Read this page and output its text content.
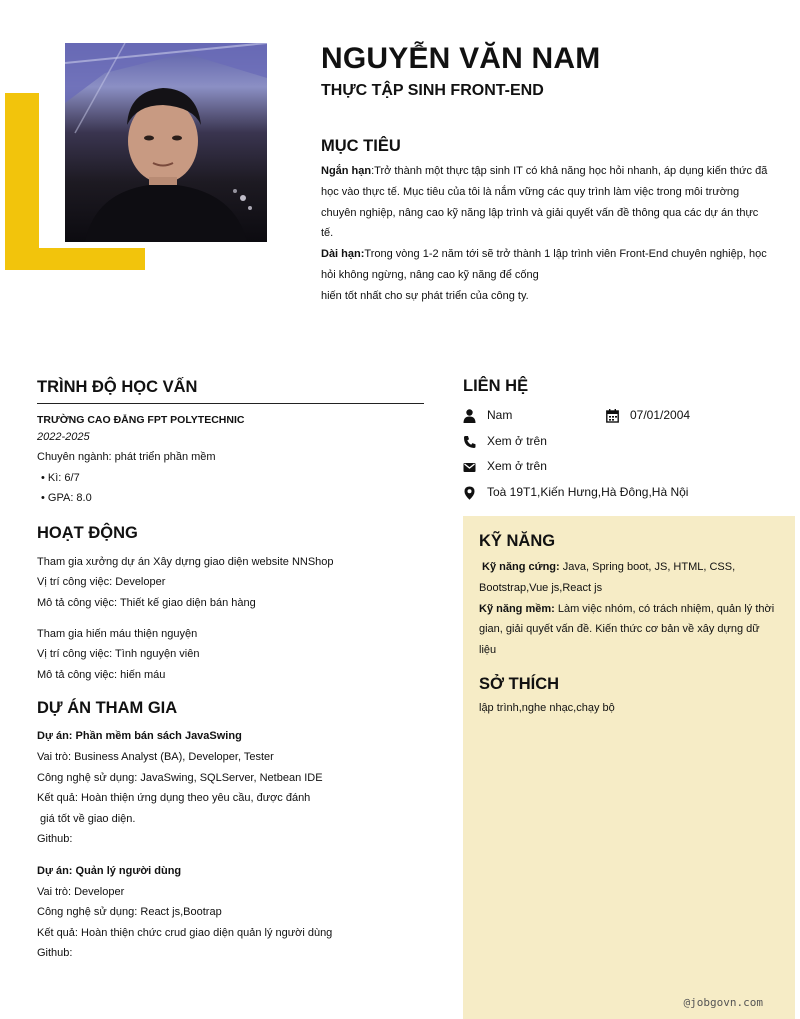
NGUYỄN VĂN NAM
THỰC TẬP SINH FRONT-END
MỤC TIÊU
Ngắn hạn:Trở thành một thực tập sinh IT có khả năng học hỏi nhanh, áp dụng kiến thức đã học vào thực tế. Mục tiêu của tôi là nắm vững các quy trình làm việc trong môi trường chuyên nghiệp, nâng cao kỹ năng lập trình và giải quyết vấn đề thông qua các dự án thực tế.
Dài hạn:Trong vòng 1-2 năm tới sẽ trở thành 1 lập trình viên Front-End chuyên nghiệp, học hỏi không ngừng, nâng cao kỹ năng để cống
hiến tốt nhất cho sự phát triển của công ty.
TRÌNH ĐỘ HỌC VẤN
TRƯỜNG CAO ĐẲNG FPT POLYTECHNIC
2022-2025
Chuyên ngành: phát triển phần mềm
• Kì: 6/7
• GPA: 8.0
HOẠT ĐỘNG
Tham gia xưởng dự án Xây dựng giao diện website NNShop
Vị trí công việc: Developer
Mô tả công việc: Thiết kế giao diện bán hàng
Tham gia hiến máu thiện nguyện
Vị trí công việc: Tình nguyện viên
Mô tả công việc: hiến máu
DỰ ÁN THAM GIA
Dự án: Phần mềm bán sách JavaSwing
Vai trò: Business Analyst (BA), Developer, Tester
Công nghệ sử dụng: JavaSwing, SQLServer, Netbean IDE
Kết quả: Hoàn thiện ứng dụng theo yêu cầu, được đánh
giá tốt về giao diện.
Github:
Dự án: Quản lý người dùng
Vai trò: Developer
Công nghệ sử dụng: React js,Bootrap
Kết quả: Hoàn thiện chức crud giao diện quản lý người dùng
Github:
LIÊN HỆ
Nam	07/01/2004
Xem ở trên
Xem ở trên
Toà 19T1,Kiến Hưng,Hà Đông,Hà Nội
KỸ NĂNG
Kỹ năng cứng: Java, Spring boot, JS, HTML, CSS, Bootstrap,Vue js,React js
Kỹ năng mềm: Làm việc nhóm, có trách nhiệm, quản lý thời gian, giải quyết vấn đề. Kiến thức cơ bản về xây dựng dữ liệu
SỞ THÍCH
lập trình,nghe nhạc,chạy bộ
@jobgovn.com
